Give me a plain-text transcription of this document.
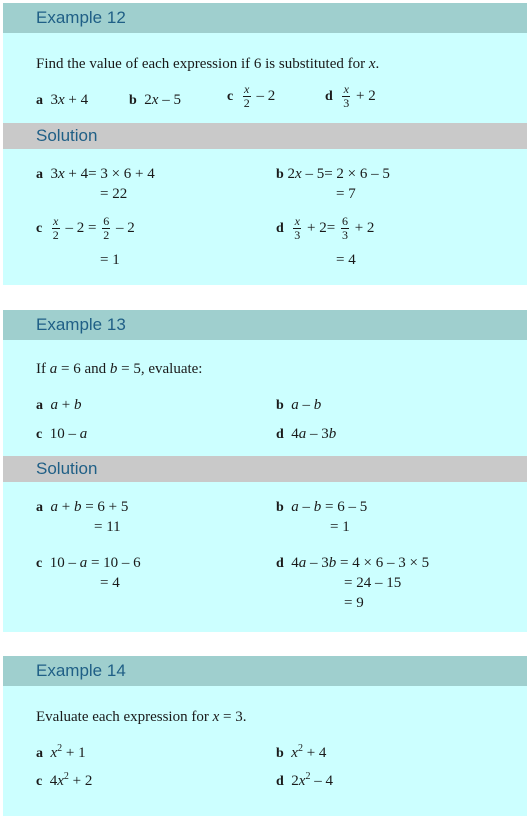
Example 12
Find the value of each expression if 6 is substituted for x.
a  3x + 4	b  2x – 5	c $\frac{x}{2} - 2$	d $\frac{x}{3} + 2$
Solution
a  3x + 4= 3 × 6 + 4
= 22
b 2x – 5= 2 × 6 – 5
= 7
c $\frac{x}{2} - 2 = \frac{6}{2} - 2$
= 1
d $\frac{x}{3} + 2= \frac{6}{3} + 2$
= 4
Example 13
If a = 6 and b = 5, evaluate:
a a + b	b a – b
c  10 – a	d  4a – 3b
Solution
a a + b = 6 + 5
= 11
b a – b = 6 – 5
= 1
c  10 – a = 10 – 6
= 4
d  4a – 3b = 4 × 6 – 3 × 5
= 24 – 15
= 9
Example 14
Evaluate each expression for x = 3.
a $x^2 + 1$	b $x^2 + 4$
c  $4x^2 + 2$	d  $2x^2 - 4$
